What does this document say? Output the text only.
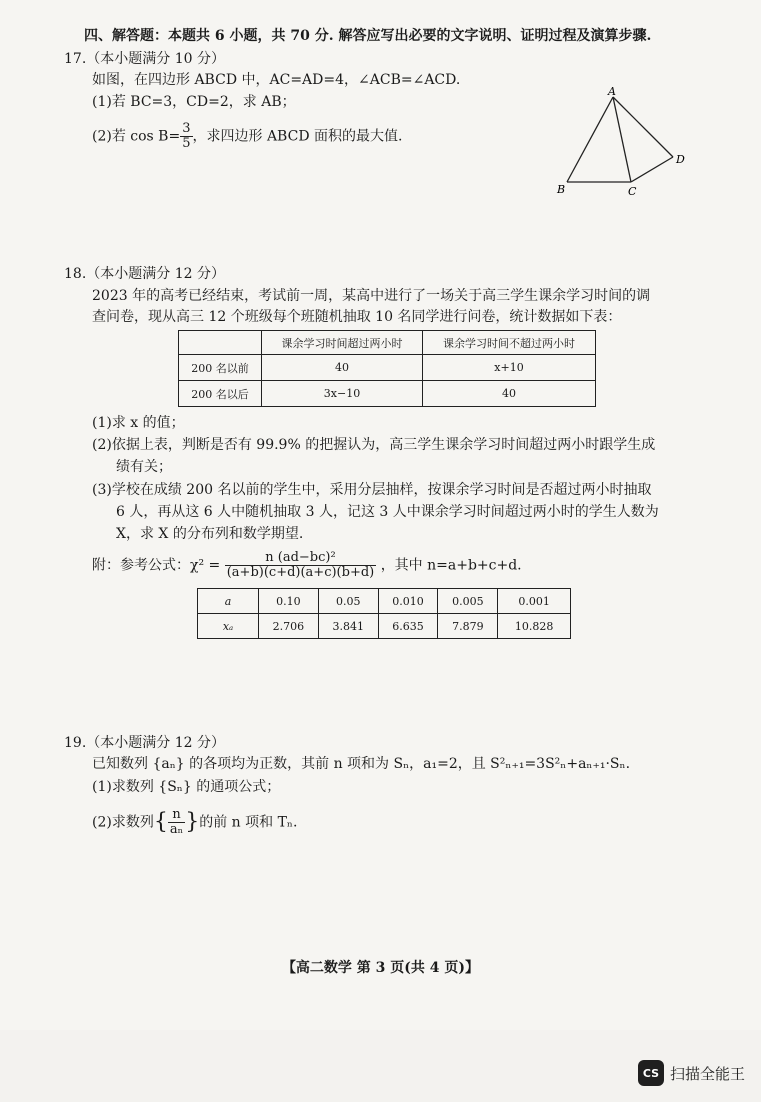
四、解答题：本题共 6 小题，共 70 分. 解答应写出必要的文字说明、证明过程及演算步骤.
17.（本小题满分 10 分）
如图，在四边形 ABCD 中，AC=AD=4，∠ACB=∠ACD.
(1)若 BC=3，CD=2，求 AB；
(2)若 $\cos B= \frac{3}{5}$ ，求四边形 ABCD 面积的最大值.
A
B	C
D
18.（本小题满分 12 分）
2023 年的高考已经结束，考试前一周，某高中进行了一场关于高三学生课余学习时间的调
查问卷，现从高三 12 个班级每个班随机抽取 10 名同学进行问卷，统计数据如下表：
	课余学习时间超过两小时	课余学习时间不超过两小时
200 名以前	40	x+10
200 名以后	3x−10	40
(1)求 x 的值；
(2)依据上表，判断是否有 99.9% 的把握认为，高三学生课余学习时间超过两小时跟学生成
绩有关；
(3)学校在成绩 200 名以前的学生中，采用分层抽样，按课余学习时间是否超过两小时抽取
6 人，再从这 6 人中随机抽取 3 人，记这 3 人中课余学习时间超过两小时的学生人数为
X，求 X 的分布列和数学期望.
附：参考公式：$\chi^2 = \frac{\text{n (ad−bc)²}}{(a+b)(c+d)(a+c)(b+d)}$ ，其中 n=a+b+c+d.
a	0.10	0.05	0.010	0.005	0.001
xₐ	2.706	3.841	6.635	7.879	10.828
19.（本小题满分 12 分）
已知数列 {aₙ} 的各项均为正数，其前 n 项和为 Sₙ，a₁=2，且 S²ₙ₊₁=3S²ₙ+aₙ₊₁·Sₙ.
(1)求数列 {Sₙ} 的通项公式；
(2)求数列{ $\frac{n}{\text{aₙ}}$ }的前 n 项和 Tₙ.
【高二数学 第 3 页(共 4 页)】
CS 扫描全能王
